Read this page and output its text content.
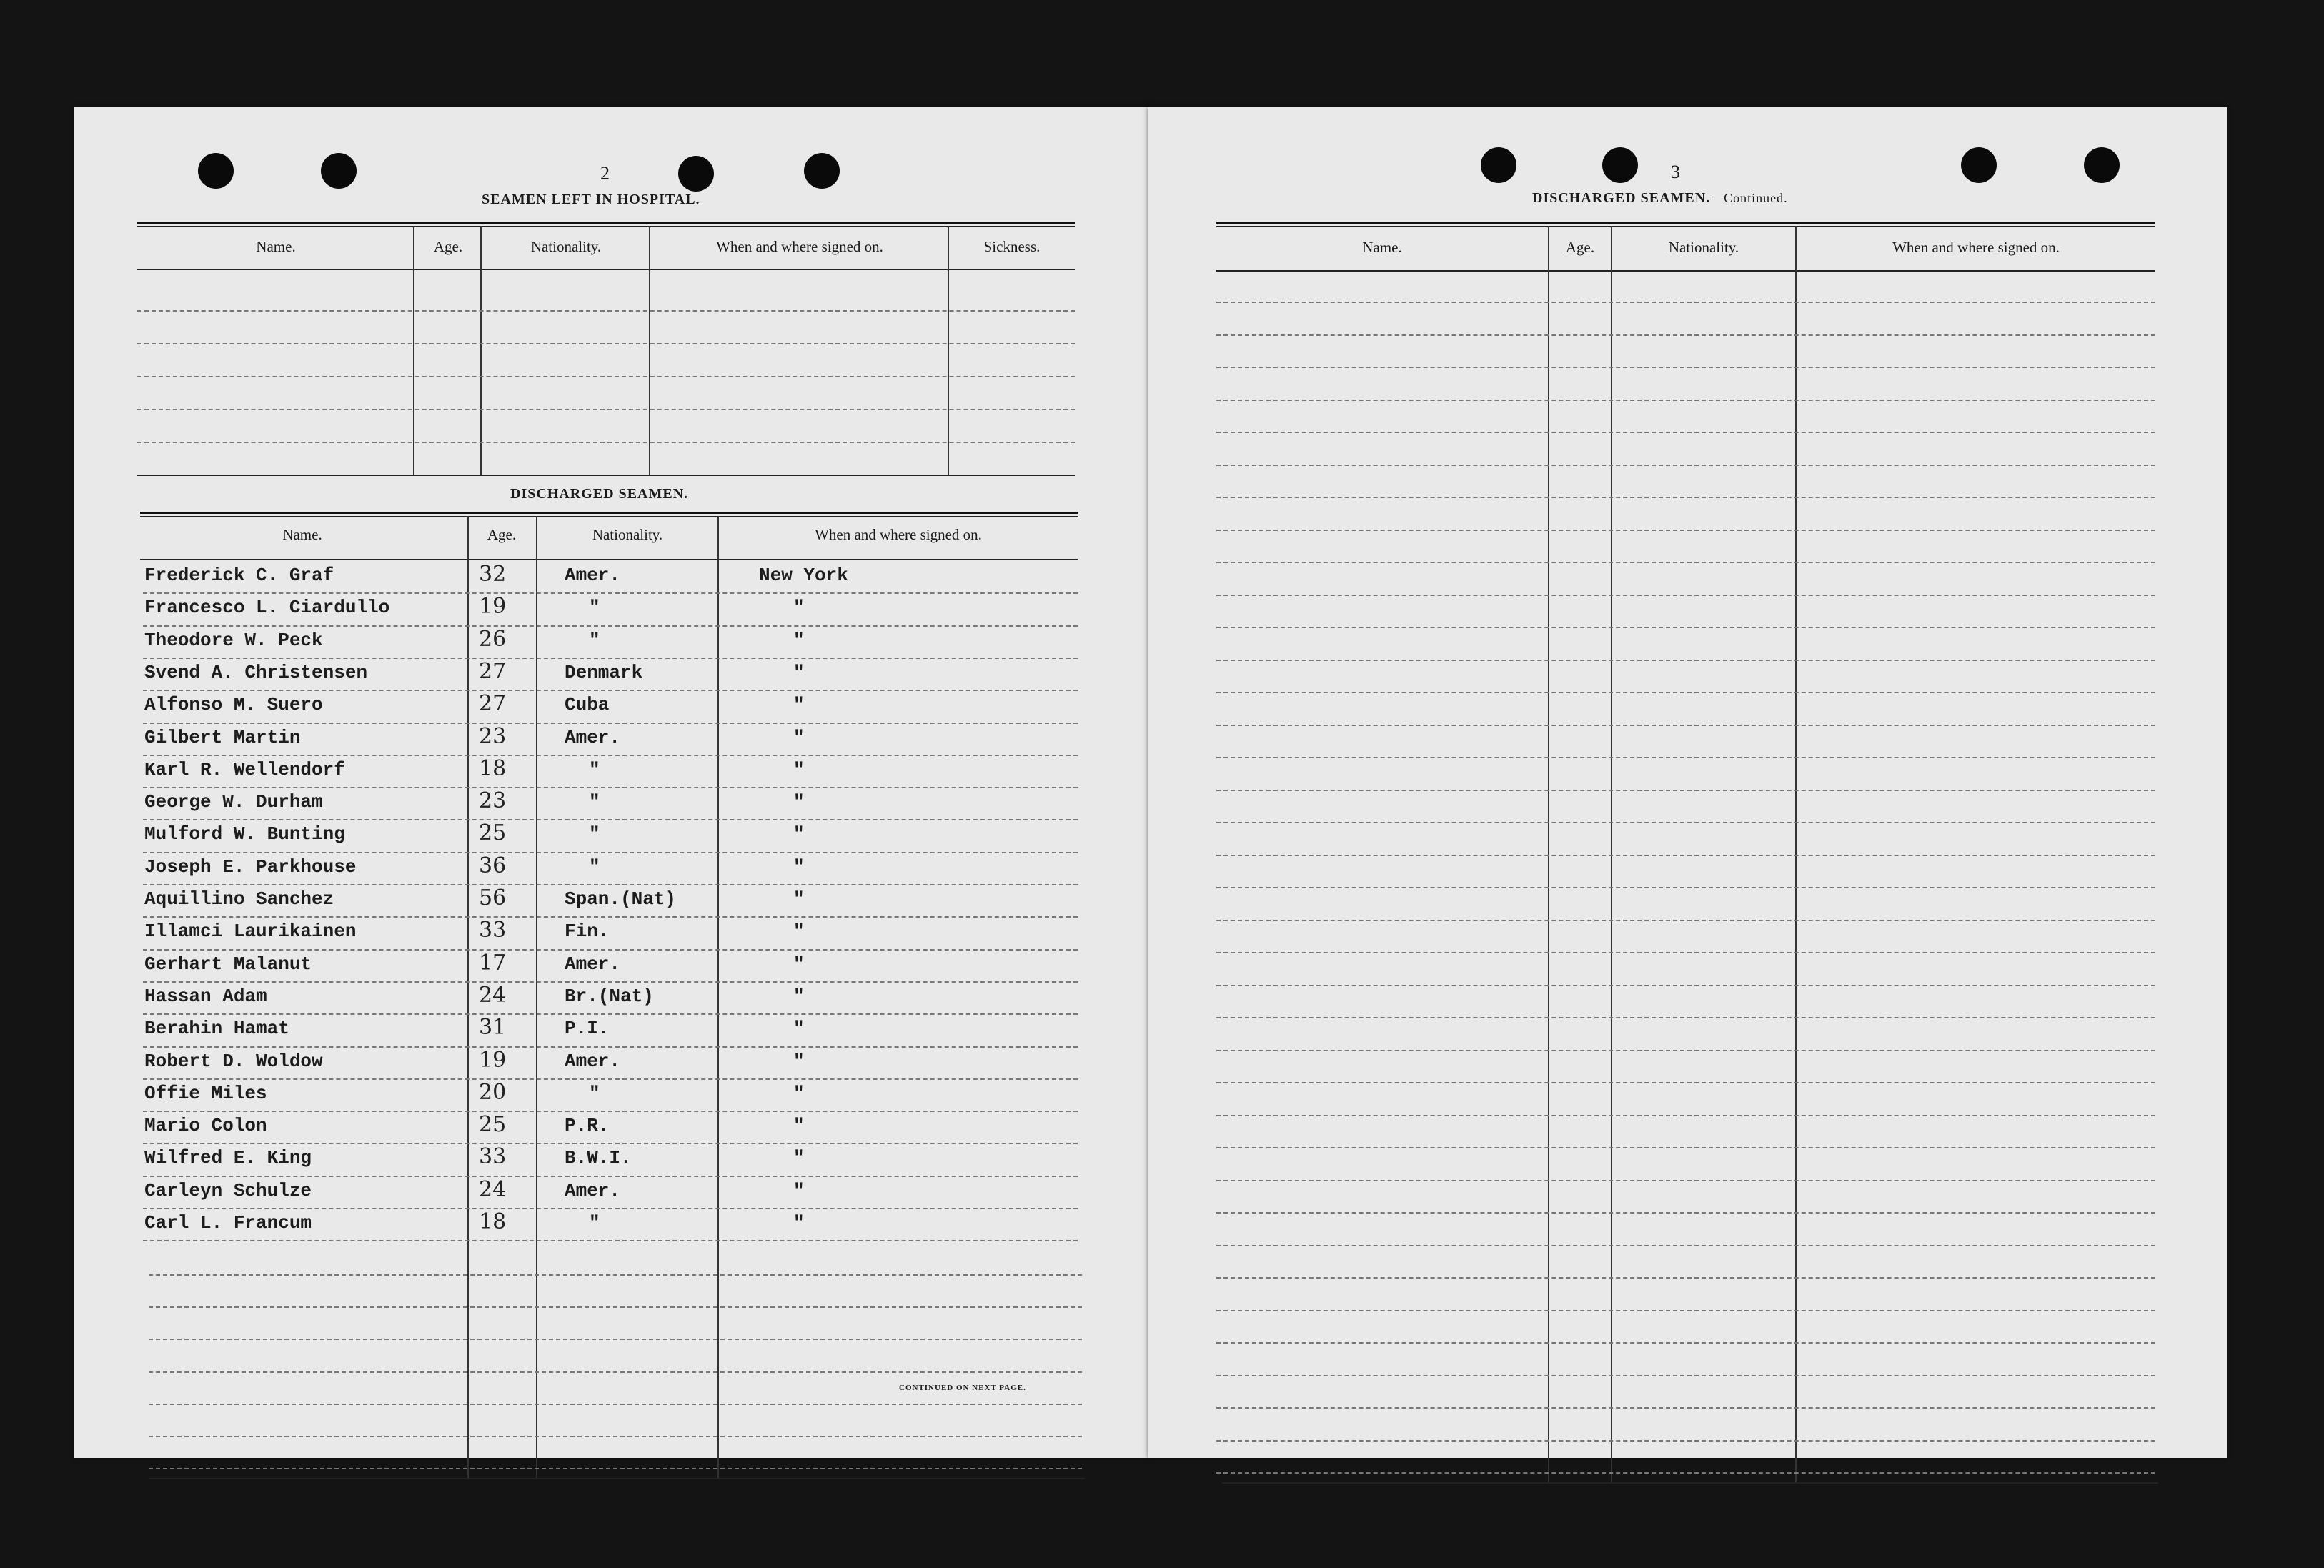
2
SEAMEN LEFT IN HOSPITAL.
Name.	Age.	Nationality.	When and where signed on.	Sickness.
DISCHARGED SEAMEN.
Name.	Age.	Nationality.	When and where signed on.
Frederick C. Graf	32	Amer.	New York
Francesco L. Ciardullo	19	"	"
Theodore W. Peck	26	"	"
Svend A. Christensen	27	Denmark	"
Alfonso M. Suero	27	Cuba	"
Gilbert Martin	23	Amer.	"
Karl R. Wellendorf	18	"	"
George W. Durham	23	"	"
Mulford W. Bunting	25	"	"
Joseph E. Parkhouse	36	"	"
Aquillino Sanchez	56	Span.(Nat)	"
Illamci Laurikainen	33	Fin.	"
Gerhart Malanut	17	Amer.	"
Hassan Adam	24	Br.(Nat)	"
Berahin Hamat	31	P.I.	"
Robert D. Woldow	19	Amer.	"
Offie Miles	20	"	"
Mario Colon	25	P.R.	"
Wilfred E. King	33	B.W.I.	"
Carleyn Schulze	24	Amer.	"
Carl L. Francum	18	"	"
CONTINUED ON NEXT PAGE.
3
DISCHARGED SEAMEN.—Continued.
Name.	Age.	Nationality.	When and where signed on.
